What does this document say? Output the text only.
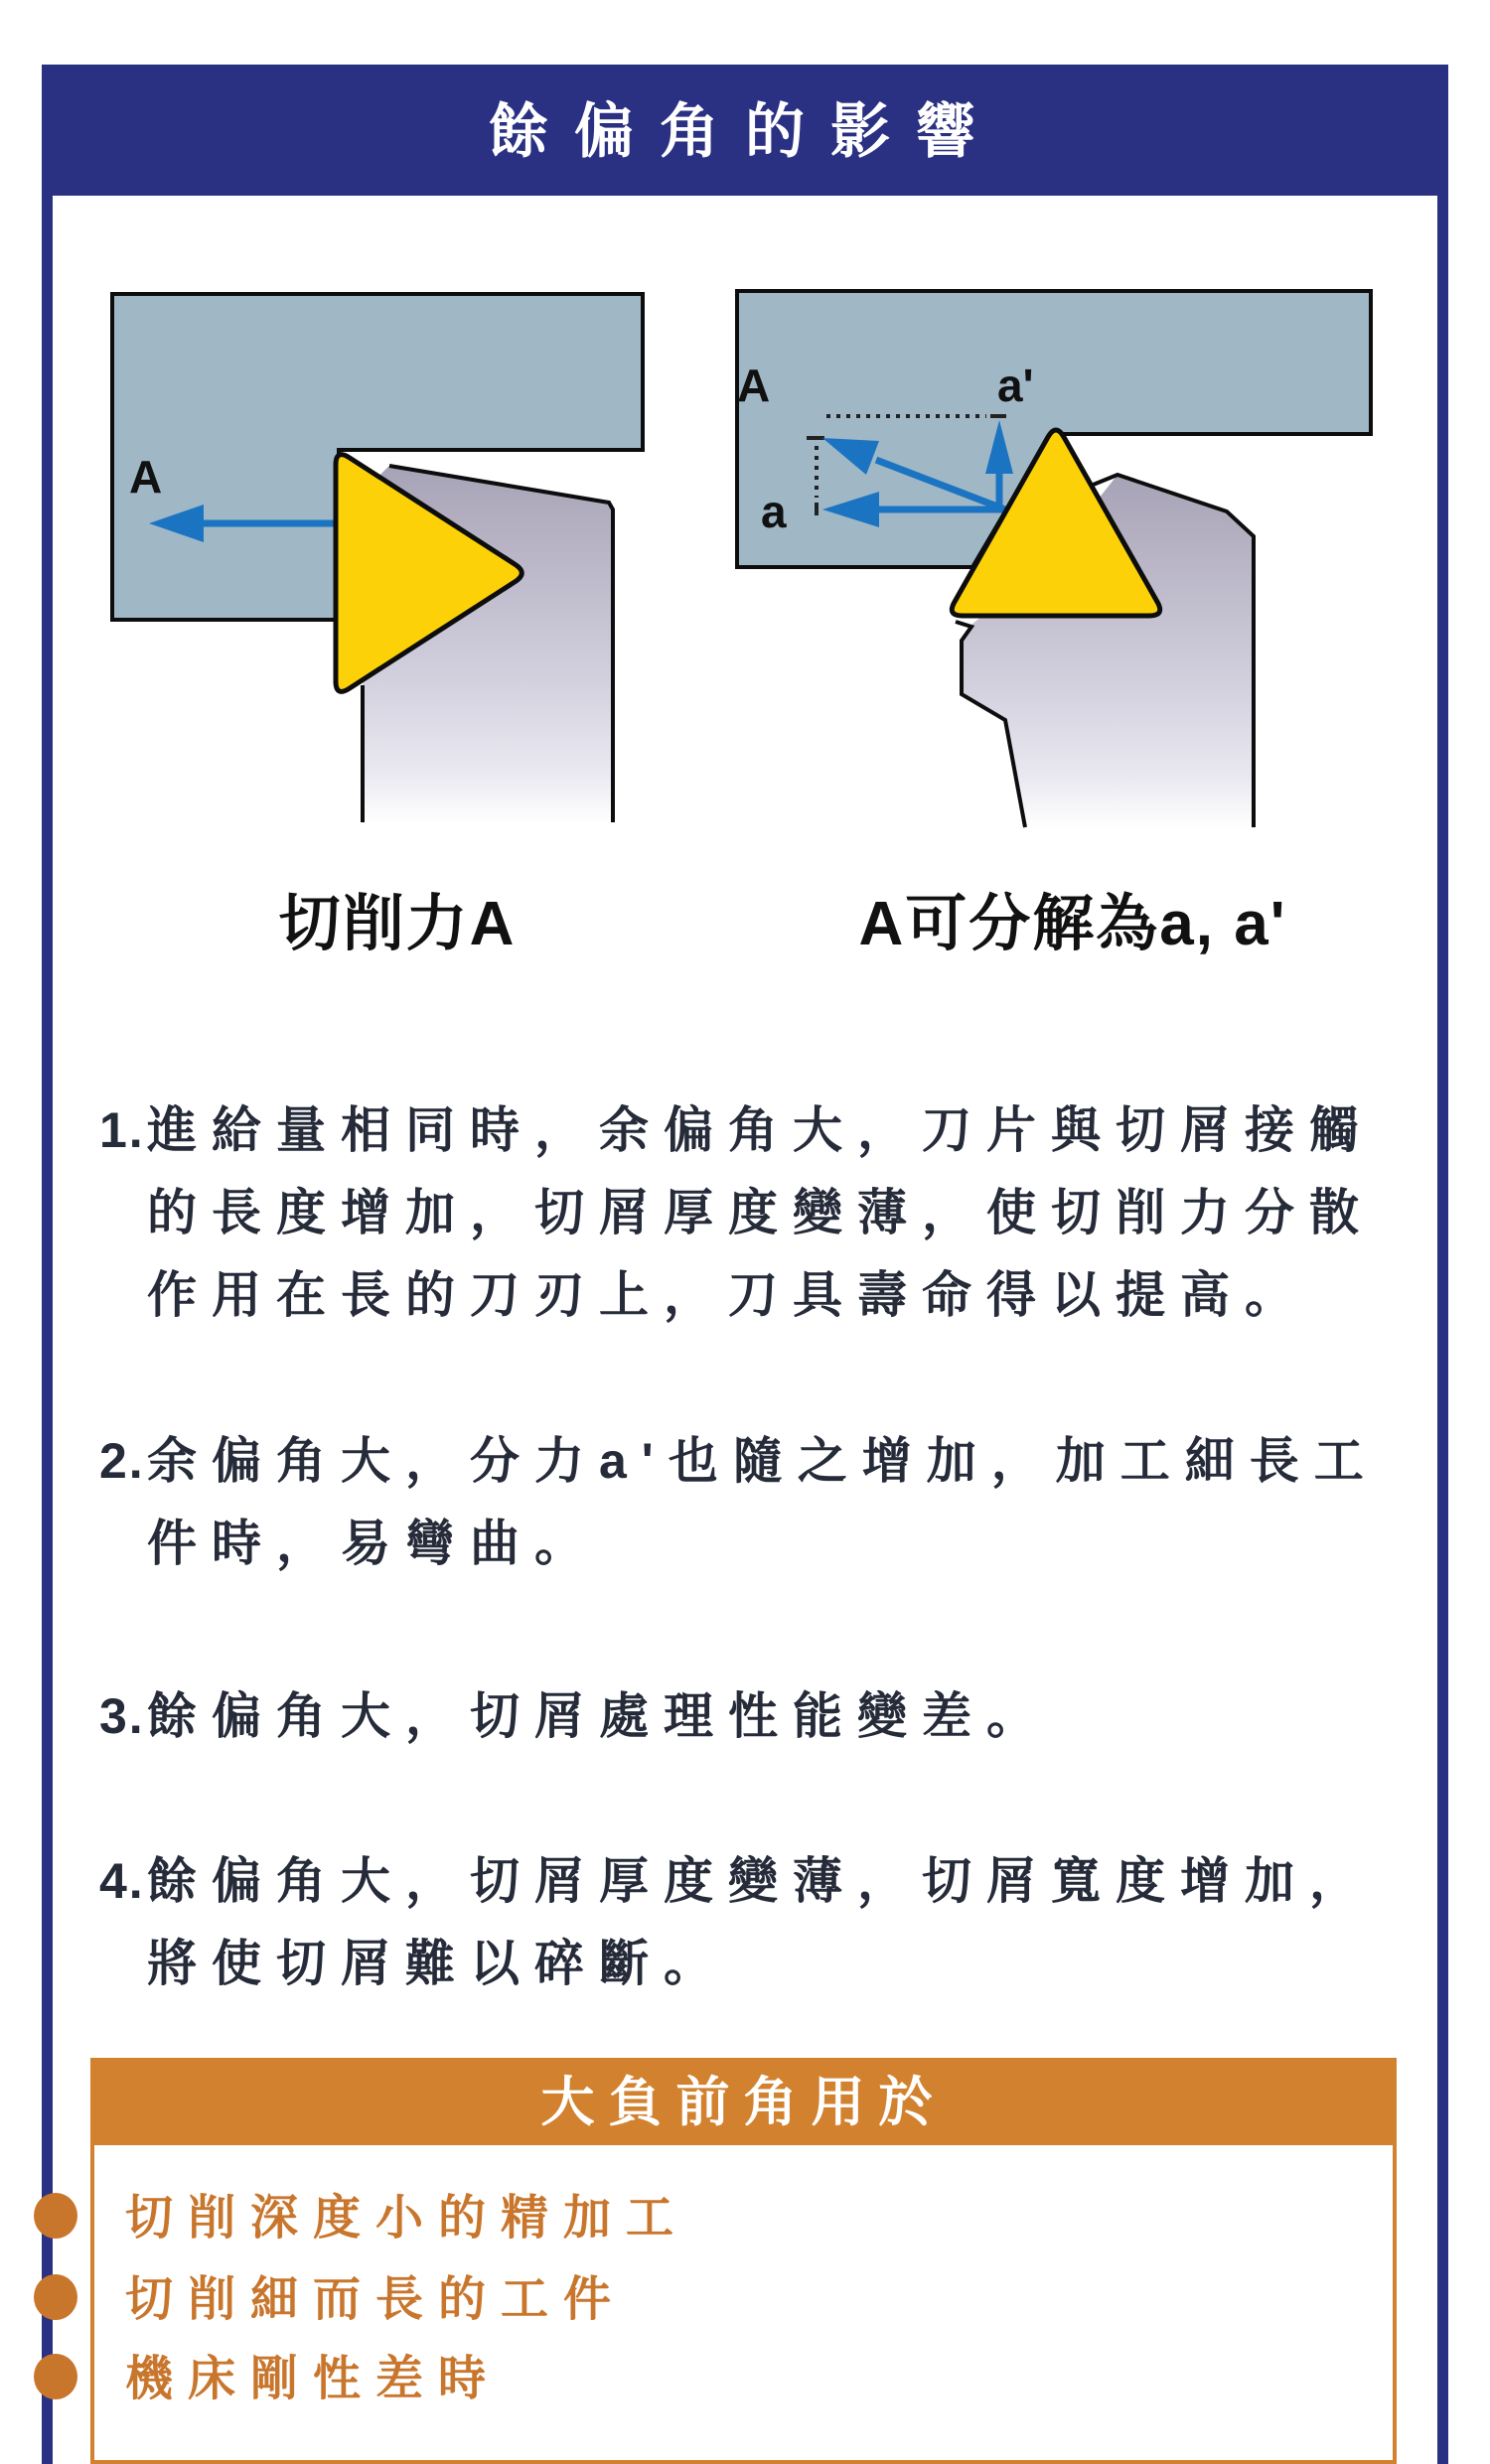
餘偏角的影響
A
A
a
a'
切削力A	A可分解為a, a'
1. 進給量相同時，余偏角大，刀片與切屑接觸
的長度增加，切屑厚度變薄，使切削力分散
作用在長的刀刃上，刀具壽命得以提高。
2. 余偏角大，分力a'也隨之增加，加工細長工
件時，易彎曲。
3. 餘偏角大，切屑處理性能變差。
4. 餘偏角大，切屑厚度變薄，切屑寬度增加，
將使切屑難以碎斷。
大負前角用於
切削深度小的精加工
切削細而長的工件
機床剛性差時
